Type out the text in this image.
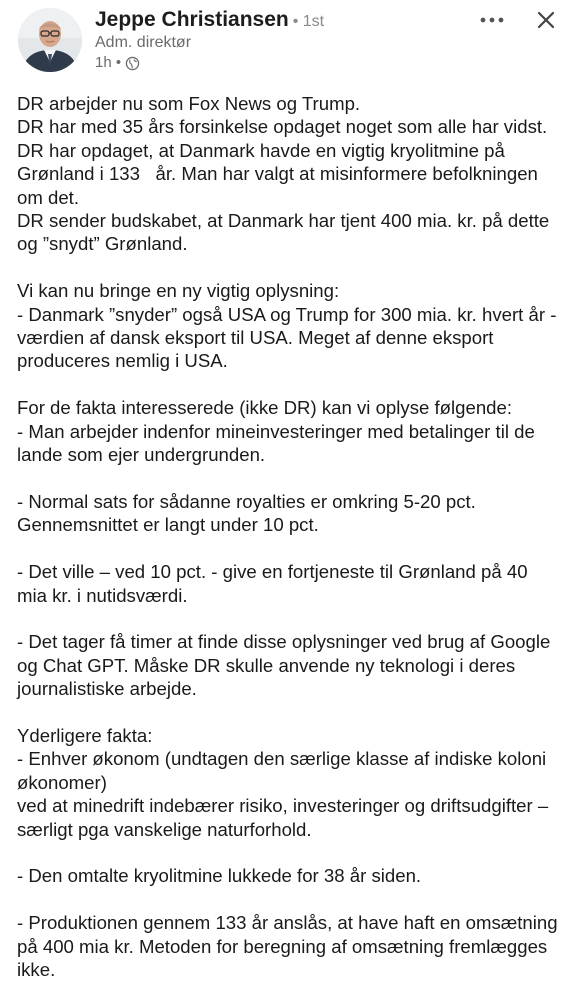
Jeppe Christiansen • 1st
Adm. direktør
1h •

DR arbejder nu som Fox News og Trump.
DR har med 35 års forsinkelse opdaget noget som alle har vidst.
DR har opdaget, at Danmark havde en vigtig kryolitmine på Grønland i 133   år. Man har valgt at misinformere befolkningen om det.
DR sender budskabet, at Danmark har tjent 400 mia. kr. på dette og ”snydt” Grønland.

Vi kan nu bringe en ny vigtig oplysning:
- Danmark ”snyder” også USA og Trump for 300 mia. kr. hvert år - værdien af dansk eksport til USA. Meget af denne eksport produceres nemlig i USA.

For de fakta interesserede (ikke DR) kan vi oplyse følgende:
- Man arbejder indenfor mineinvesteringer med betalinger til de lande som ejer undergrunden.

- Normal sats for sådanne royalties er omkring 5-20 pct. Gennemsnittet er langt under 10 pct.

- Det ville – ved 10 pct. - give en fortjeneste til Grønland på 40 mia kr. i nutidsværdi.

- Det tager få timer at finde disse oplysninger ved brug af Google og Chat GPT. Måske DR skulle anvende ny teknologi i deres journalistiske arbejde.

Yderligere fakta:
- Enhver økonom (undtagen den særlige klasse af indiske koloni økonomer)
ved at minedrift indebærer risiko, investeringer og driftsudgifter – særligt pga vanskelige naturforhold.

- Den omtalte kryolitmine lukkede for 38 år siden.

- Produktionen gennem 133 år anslås, at have haft en omsætning på 400 mia kr. Metoden for beregning af omsætning fremlægges ikke.
